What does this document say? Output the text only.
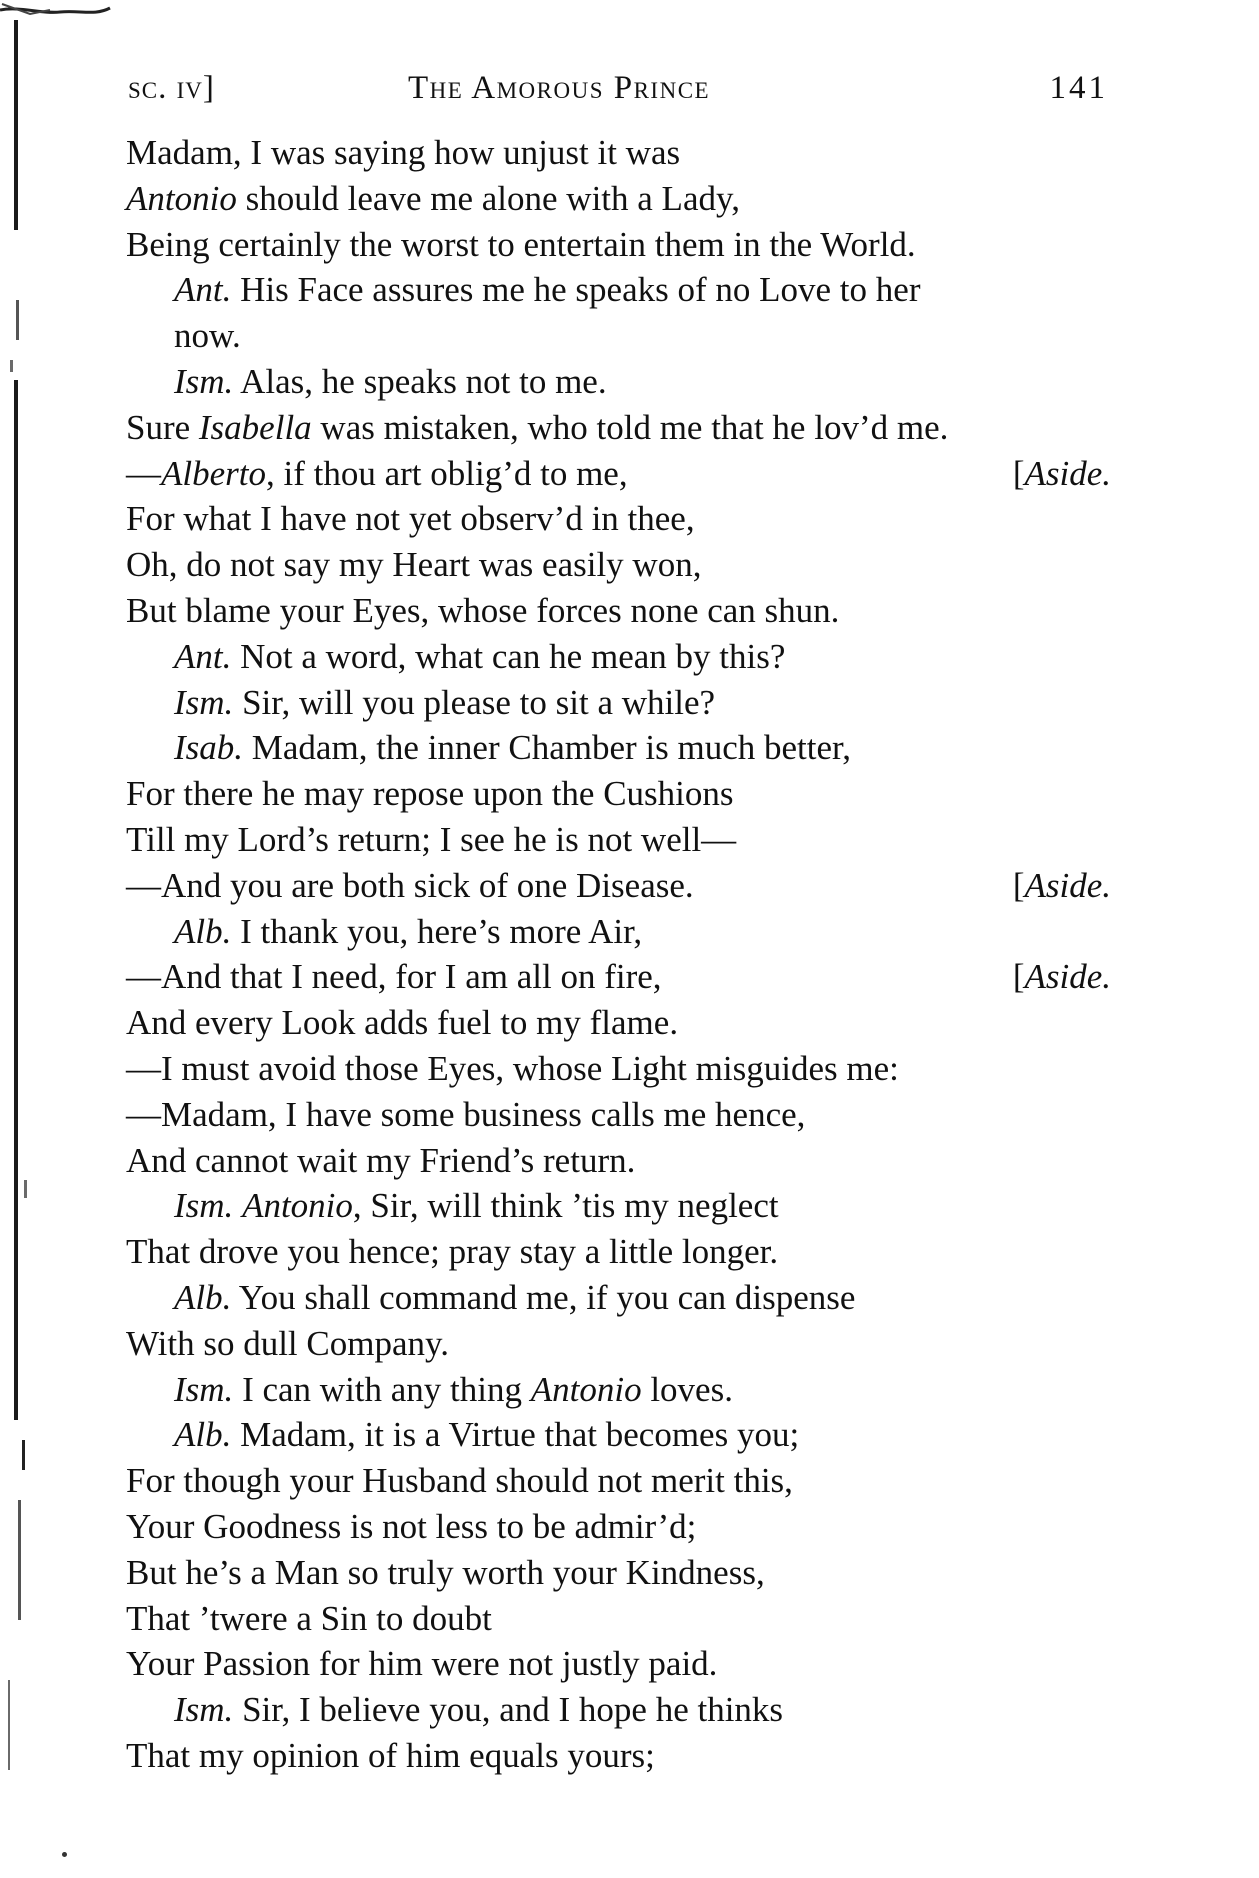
sc. iv]	The Amorous Prince	141
Madam, I was saying how unjust it was
Antonio should leave me alone with a Lady,
Being certainly the worst to entertain them in the World.
Ant. His Face assures me he speaks of no Love to her
now.
Ism. Alas, he speaks not to me.
Sure Isabella was mistaken, who told me that he lov’d me.
—Alberto, if thou art oblig’d to me,	[Aside.
For what I have not yet observ’d in thee,
Oh, do not say my Heart was easily won,
But blame your Eyes, whose forces none can shun.
Ant. Not a word, what can he mean by this?
Ism. Sir, will you please to sit a while?
Isab. Madam, the inner Chamber is much better,
For there he may repose upon the Cushions
Till my Lord’s return; I see he is not well—
—And you are both sick of one Disease.	[Aside.
Alb. I thank you, here’s more Air,
—And that I need, for I am all on fire,	[Aside.
And every Look adds fuel to my flame.
—I must avoid those Eyes, whose Light misguides me:
—Madam, I have some business calls me hence,
And cannot wait my Friend’s return.
Ism. Antonio, Sir, will think ’tis my neglect
That drove you hence; pray stay a little longer.
Alb. You shall command me, if you can dispense
With so dull Company.
Ism. I can with any thing Antonio loves.
Alb. Madam, it is a Virtue that becomes you;
For though your Husband should not merit this,
Your Goodness is not less to be admir’d;
But he’s a Man so truly worth your Kindness,
That ’twere a Sin to doubt
Your Passion for him were not justly paid.
Ism. Sir, I believe you, and I hope he thinks
That my opinion of him equals yours;
